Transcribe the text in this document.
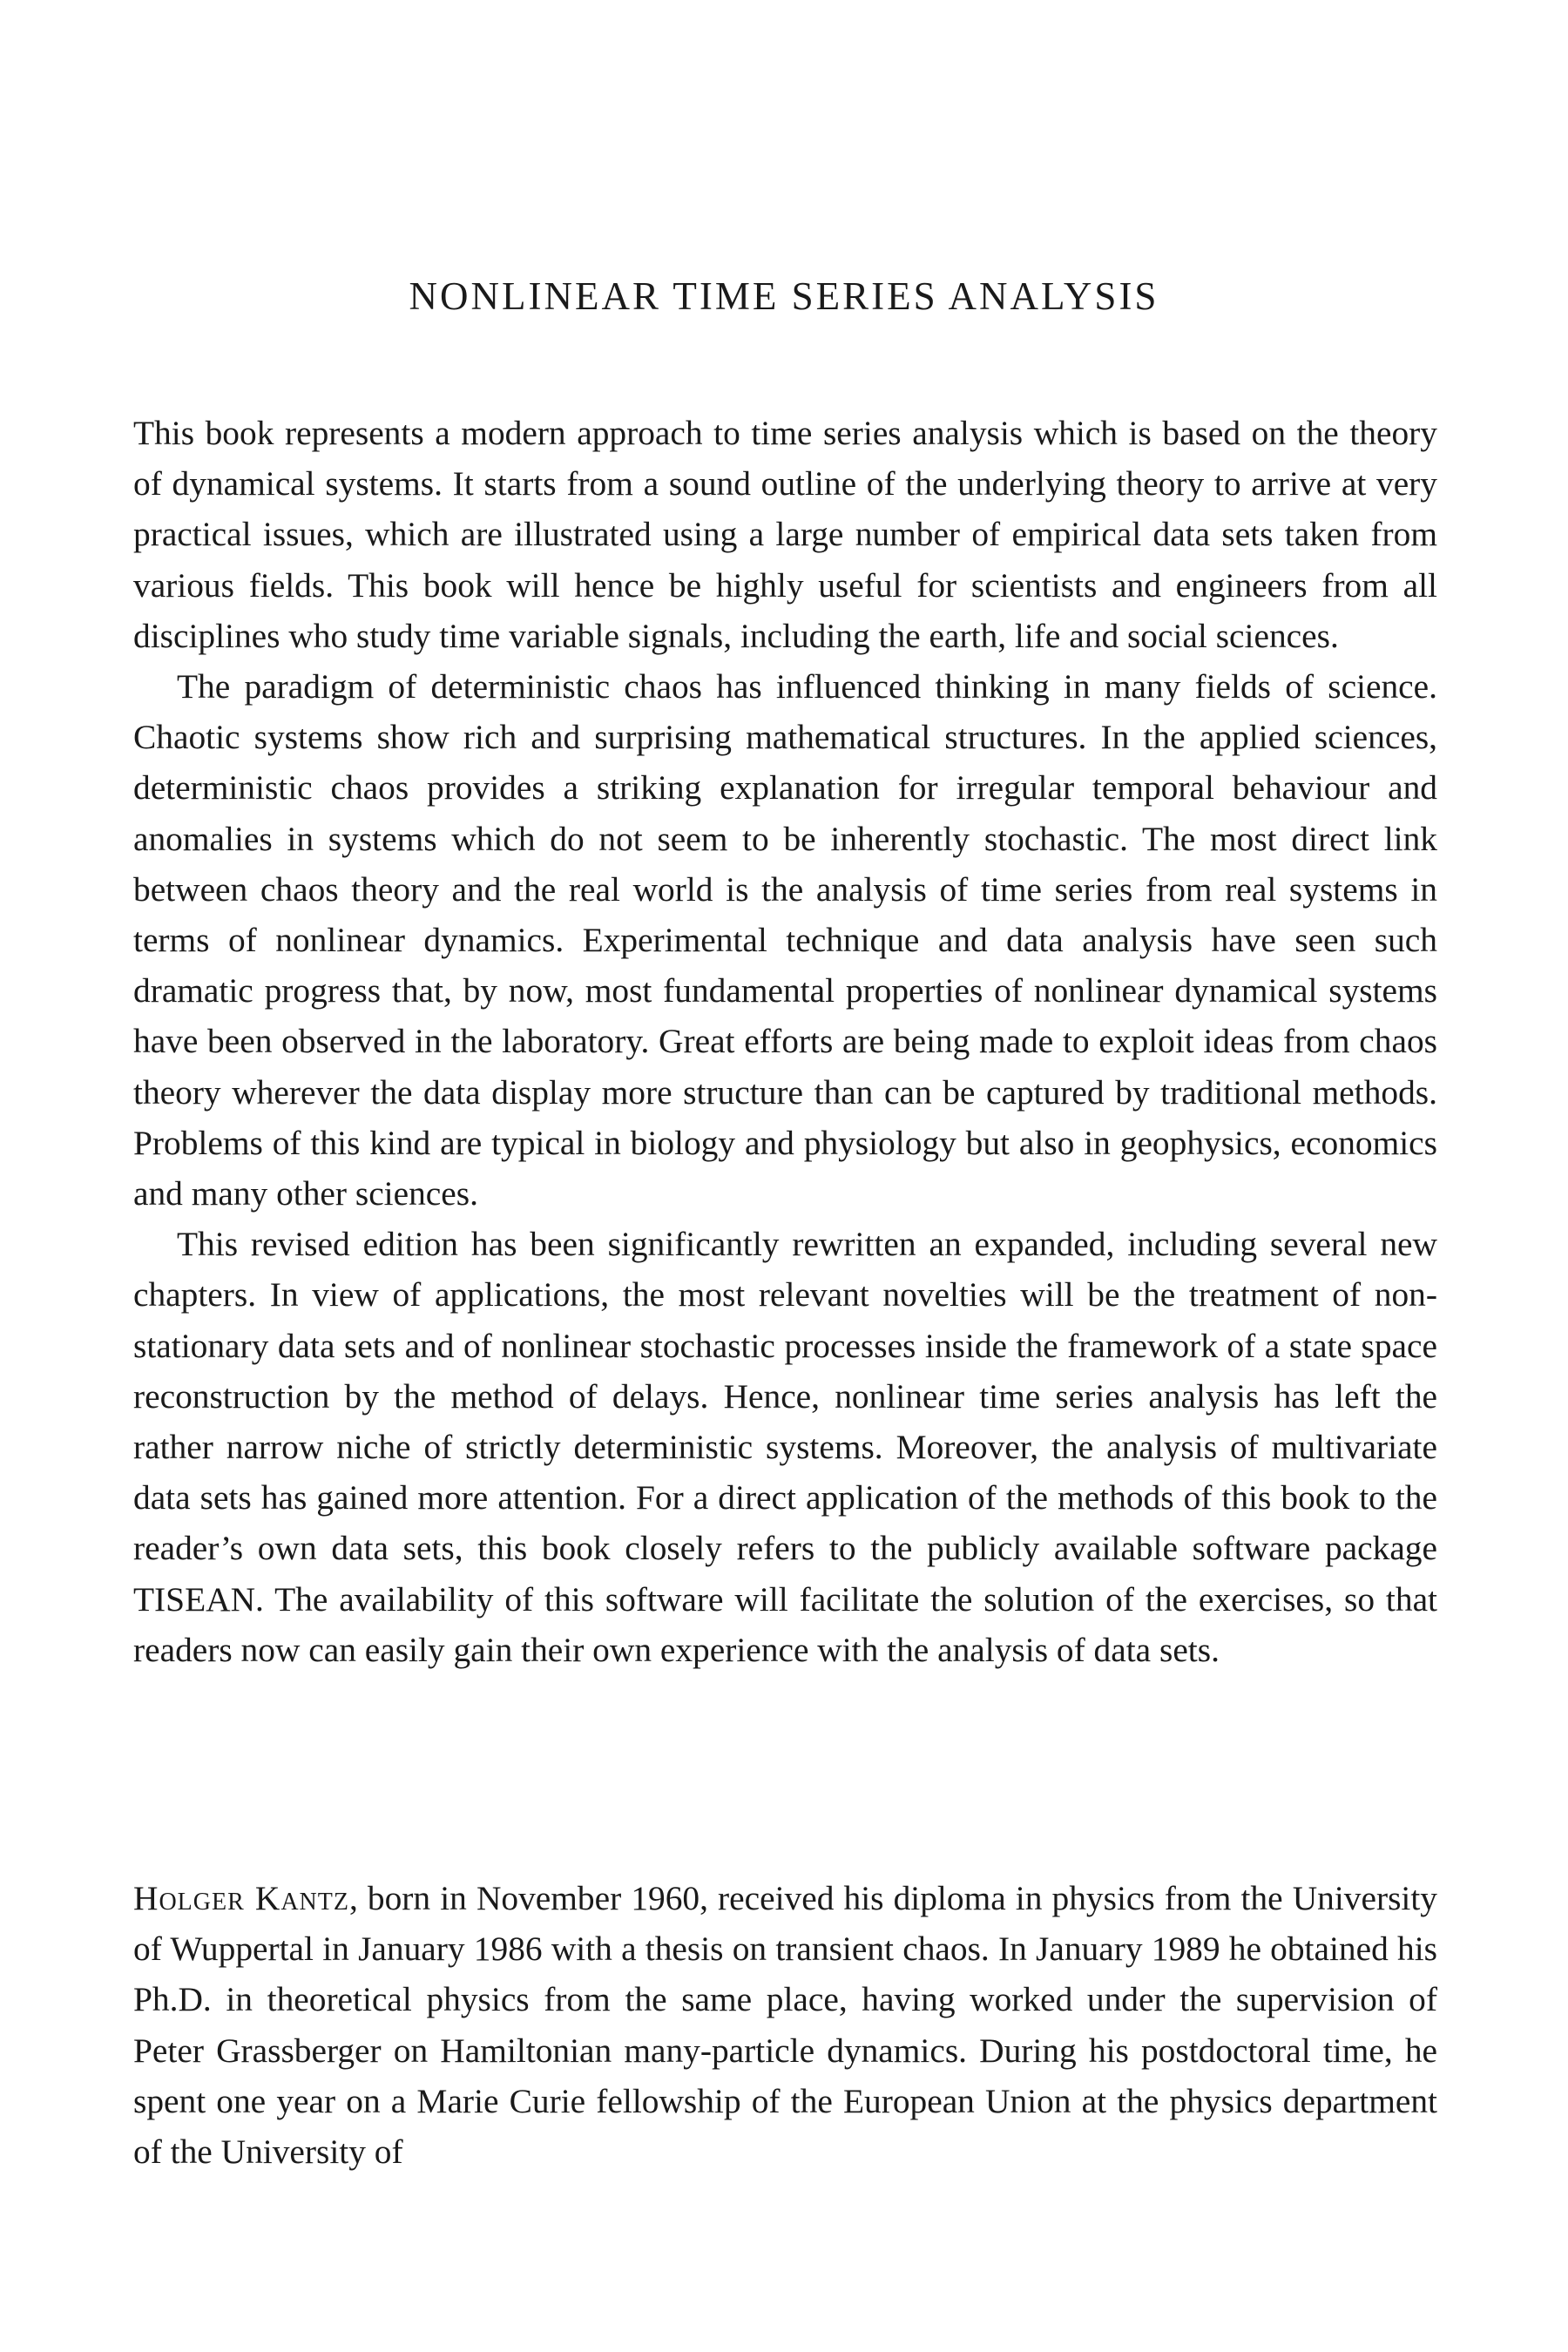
NONLINEAR TIME SERIES ANALYSIS

This book represents a modern approach to time series analysis which is based on the theory of dynamical systems. It starts from a sound outline of the underlying theory to arrive at very practical issues, which are illustrated using a large number of empirical data sets taken from various fields. This book will hence be highly useful for scientists and engineers from all disciplines who study time variable signals, including the earth, life and social sciences.

The paradigm of deterministic chaos has influenced thinking in many fields of science. Chaotic systems show rich and surprising mathematical structures. In the applied sciences, deterministic chaos provides a striking explanation for irregular temporal behaviour and anomalies in systems which do not seem to be inherently stochastic. The most direct link between chaos theory and the real world is the analysis of time series from real systems in terms of nonlinear dynamics. Experimental technique and data analysis have seen such dramatic progress that, by now, most fundamental properties of nonlinear dynamical systems have been observed in the laboratory. Great efforts are being made to exploit ideas from chaos theory wherever the data display more structure than can be captured by traditional methods. Problems of this kind are typical in biology and physiology but also in geophysics, economics and many other sciences.

This revised edition has been significantly rewritten an expanded, including several new chapters. In view of applications, the most relevant novelties will be the treatment of non-stationary data sets and of nonlinear stochastic processes inside the framework of a state space reconstruction by the method of delays. Hence, nonlinear time series analysis has left the rather narrow niche of strictly deterministic systems. Moreover, the analysis of multivariate data sets has gained more attention. For a direct application of the methods of this book to the reader’s own data sets, this book closely refers to the publicly available software package TISEAN. The availability of this software will facilitate the solution of the exercises, so that readers now can easily gain their own experience with the analysis of data sets.

Holger Kantz, born in November 1960, received his diploma in physics from the University of Wuppertal in January 1986 with a thesis on transient chaos. In January 1989 he obtained his Ph.D. in theoretical physics from the same place, having worked under the supervision of Peter Grassberger on Hamiltonian many-particle dynamics. During his postdoctoral time, he spent one year on a Marie Curie fellowship of the European Union at the physics department of the University of
